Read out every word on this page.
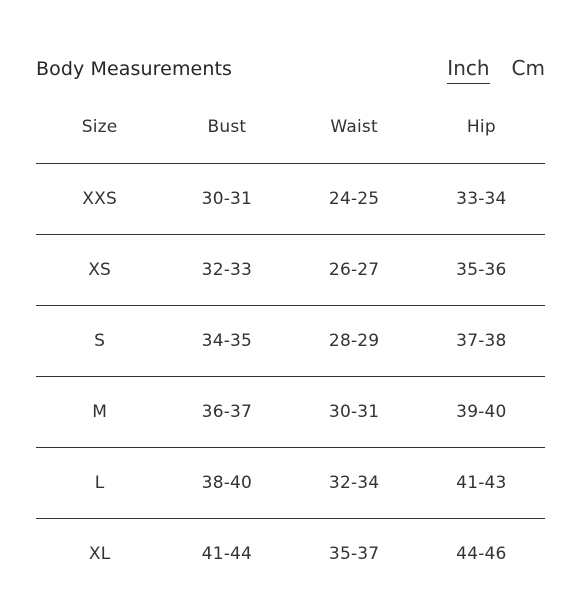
Body Measurements	Inch Cm
Size	Bust	Waist	Hip
XXS	30-31	24-25	33-34
XS	32-33	26-27	35-36
S	34-35	28-29	37-38
M	36-37	30-31	39-40
L	38-40	32-34	41-43
XL	41-44	35-37	44-46
